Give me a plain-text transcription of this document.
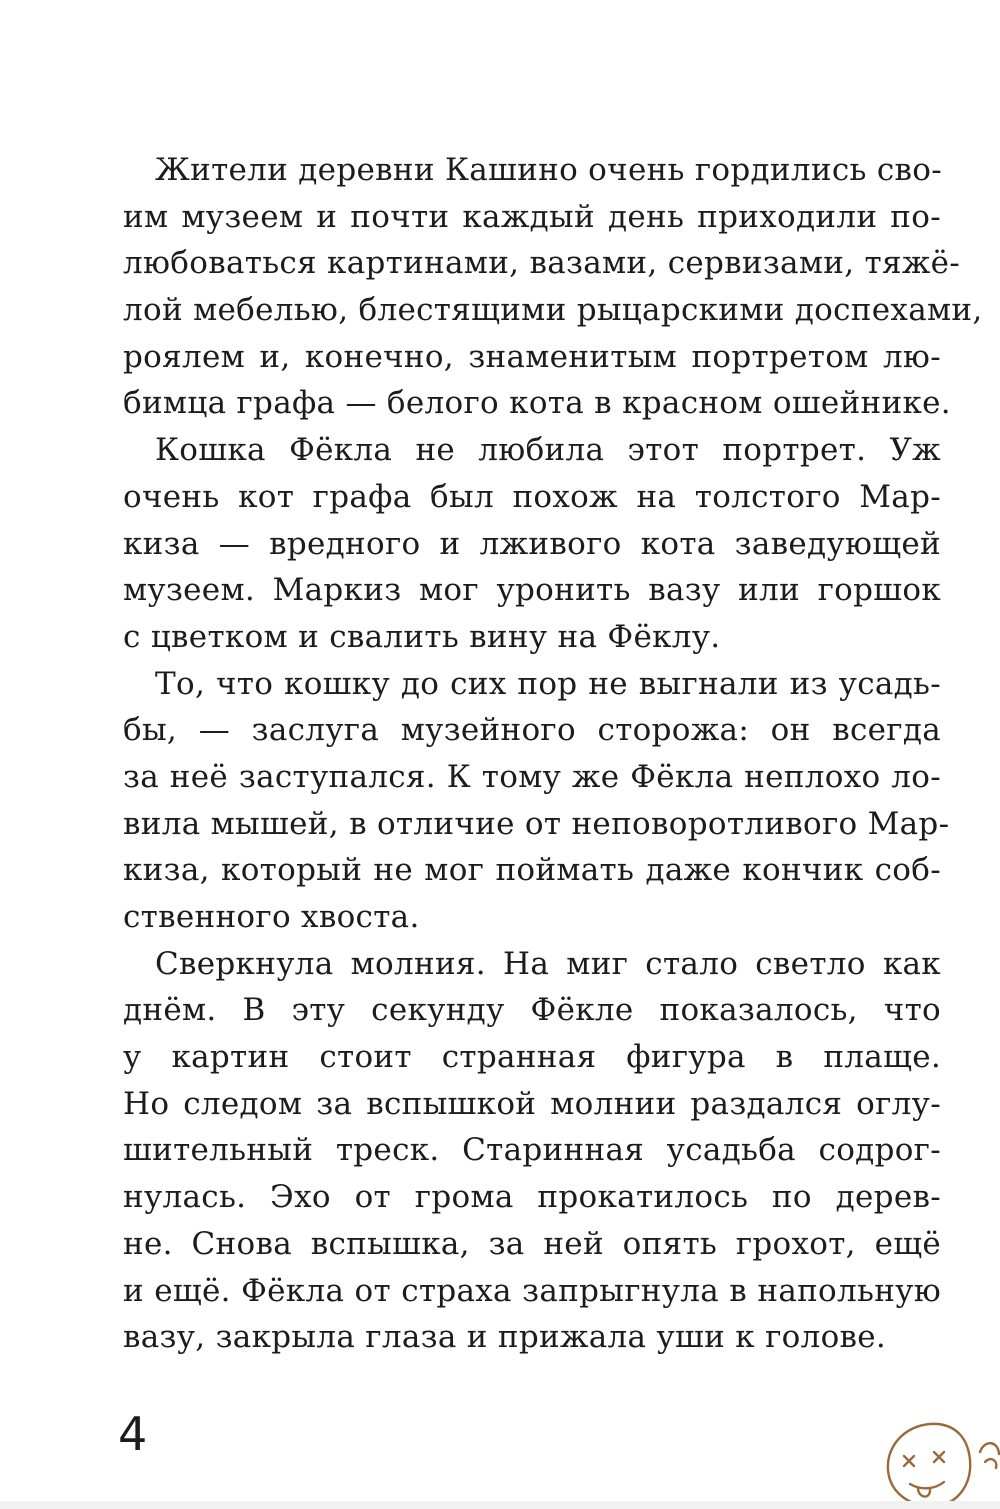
Жители деревни Кашино очень гордились сво-
им музеем и почти каждый день приходили по-
любоваться картинами, вазами, сервизами, тяжё-
лой мебелью, блестящими рыцарскими доспехами,
роялем и, конечно, знаменитым портретом лю-
бимца графа — белого кота в красном ошейнике.
Кошка Фёкла не любила этот портрет. Уж
очень кот графа был похож на толстого Мар-
киза — вредного и лживого кота заведующей
музеем. Маркиз мог уронить вазу или горшок
с цветком и свалить вину на Фёклу.
То, что кошку до сих пор не выгнали из усадь-
бы, — заслуга музейного сторожа: он всегда
за неё заступался. К тому же Фёкла неплохо ло-
вила мышей, в отличие от неповоротливого Мар-
киза, который не мог поймать даже кончик соб-
ственного хвоста.
Сверкнула молния. На миг стало светло как
днём. В эту секунду Фёкле показалось, что
у картин стоит странная фигура в плаще.
Но следом за вспышкой молнии раздался оглу-
шительный треск. Старинная усадьба содрог-
нулась. Эхо от грома прокатилось по дерев-
не. Снова вспышка, за ней опять грохот, ещё
и ещё. Фёкла от страха запрыгнула в напольную
вазу, закрыла глаза и прижала уши к голове.
4
